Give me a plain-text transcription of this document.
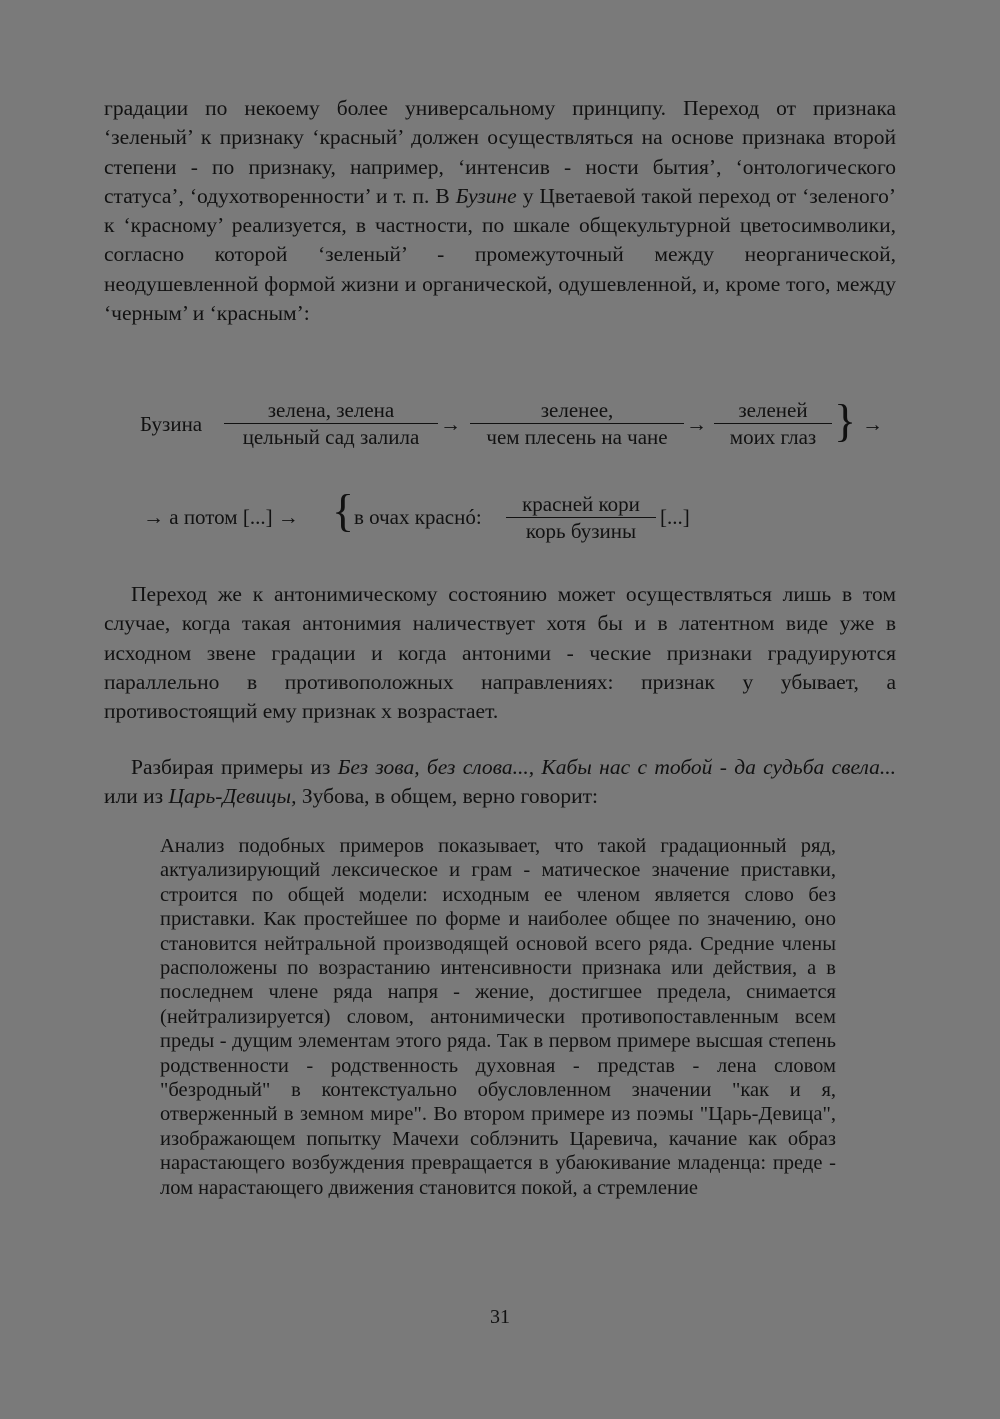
градации по некоему более универсальному принципу. Переход от признака ‘зеленый’ к признаку ‘красный’ должен осуществляться на основе признака второй степени - по признаку, например, ‘интенсив - ности бытия’, ‘онтологического статуса’, ‘одухотворенности’ и т. п. В Бузине у Цветаевой такой переход от ‘зеленого’ к ‘красному’ реализуется, в частности, по шкале общекультурной цветосимволики, согласно которой ‘зеленый’ - промежуточный между неорганической, неодушевленной формой жизни и органической, одушевленной, и, кроме того, между ‘черным’ и ‘красным’:

Бузина
зелена, зелена
цельный сад залила
→
зеленее,
чем плесень на чане
→
зеленей
моих глаз } →
→ а потом [...] → { в очах краснó:
красней кори
корь бузины
[...]

Переход же к антонимическому состоянию может осуществляться лишь в том случае, когда такая антонимия наличествует хотя бы и в латентном виде уже в исходном звене градации и когда антоними - ческие признаки градуируются параллельно в противоположных направлениях: признак у убывает, а противостоящий ему признак х возрастает.

Разбирая примеры из Без зова, без слова..., Кабы нас с тобой - да судьба свела... или из Царь-Девицы, Зубова, в общем, верно говорит:

Анализ подобных примеров показывает, что такой градационный ряд, актуализирующий лексическое и грам - матическое значение приставки, строится по общей модели: исходным ее членом является слово без приставки. Как простейшее по форме и наиболее общее по значению, оно становится нейтральной производящей основой всего ряда. Средние члены расположены по возрастанию интенсивности признака или действия, а в последнем члене ряда напря - жение, достигшее предела, снимается (нейтрализируется) словом, антонимически противопоставленным всем преды - дущим элементам этого ряда. Так в первом примере высшая степень родственности - родственность духовная - представ - лена словом "безродный" в контекстуально обусловленном значении "как и я, отверженный в земном мире". Во втором примере из поэмы "Царь-Девица", изображающем попытку Мачехи соблэнить Царевича, качание как образ нарастающего возбуждения превращается в убаюкивание младенца: преде - лом нарастающего движения становится покой, а стремление

31
